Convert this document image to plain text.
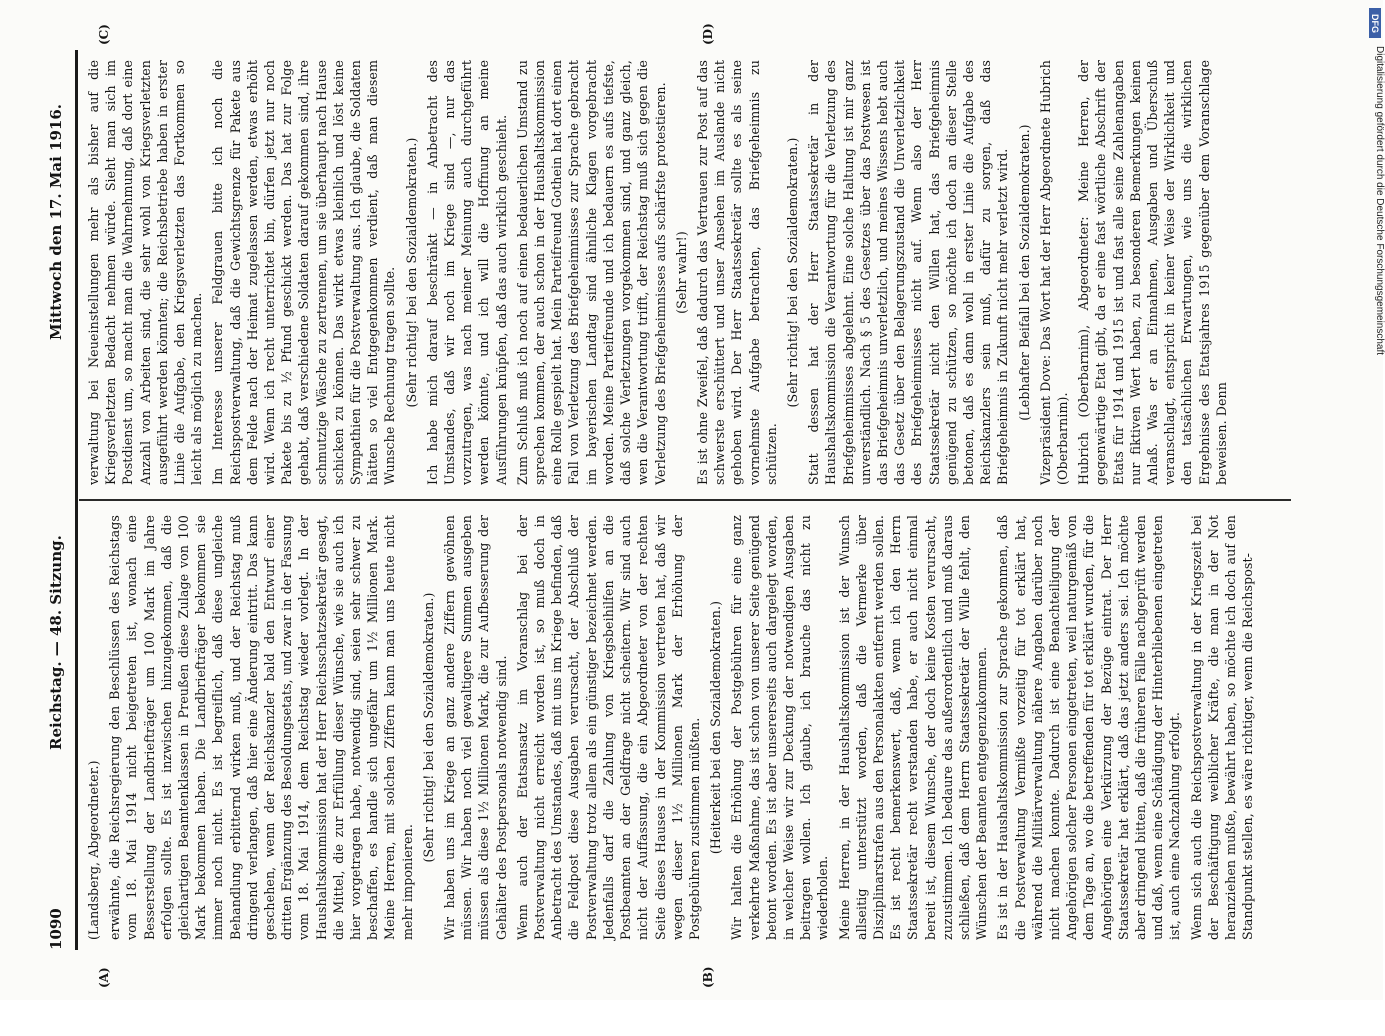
1090
Reichstag. — 48. Sitzung.
Mittwoch den 17. Mai 1916.
(A)	(B)
(C)	(D)

(Landsberg, Abgeordneter.) erwähnte, die Reichsregierung den Beschlüssen des Reichstags vom 18. Mai 1914 nicht beigetreten ist, wonach eine Besserstellung der Landbriefträger um 100 Mark im Jahre erfolgen sollte. Es ist inzwischen hinzugekommen, daß die gleichartigen Beamtenklassen in Preußen diese Zulage von 100 Mark bekommen haben. Die Landbriefträger bekommen sie immer noch nicht. Es ist begreiflich, daß diese ungleiche Behandlung erbitternd wirken muß, und der Reichstag muß dringend verlangen, daß hier eine Änderung eintritt. Das kann geschehen, wenn der Reichskanzler bald den Entwurf einer dritten Ergänzung des Besoldungsetats, und zwar in der Fassung vom 18. Mai 1914, dem Reichstag wieder vorlegt. In der Haushaltskommission hat der Herr Reichsschatzsekretär gesagt, die Mittel, die zur Erfüllung dieser Wünsche, wie sie auch ich hier vorgetragen habe, notwendig sind, seien sehr schwer zu beschaffen, es handle sich ungefähr um 1½ Millionen Mark. Meine Herren, mit solchen Ziffern kann man uns heute nicht mehr imponieren.

(Sehr richtig! bei den Sozialdemokraten.) Wir haben uns im Kriege an ganz andere Ziffern gewöhnen müssen. Wir haben noch viel gewaltigere Summen ausgeben müssen als diese 1½ Millionen Mark, die zur Aufbesserung der Gehälter des Postpersonals notwendig sind. Wenn auch der Etatsansatz im Voranschlag bei der Postverwaltung nicht erreicht worden ist, so muß doch in Anbetracht des Umstandes, daß mit uns im Kriege befinden, daß die Feldpost diese Ausgaben verursacht, der Abschluß der Postverwaltung trotz allem als ein günstiger bezeichnet werden. Jedenfalls darf die Zahlung von Kriegsbeihilfen an die Postbeamten an der Geldfrage nicht scheitern. Wir sind auch nicht der Auffassung, die ein Abgeordneter von der rechten Seite dieses Hauses in der Kommission vertreten hat, daß wir wegen dieser 1½ Millionen Mark der Erhöhung der Postgebühren zustimmen müßten. (Heiterkeit bei den Sozialdemokraten.) Wir halten die Erhöhung der Postgebühren für eine ganz verkehrte Maßnahme, das ist schon von unserer Seite genügend betont worden. Es ist aber unsererseits auch dargelegt worden, in welcher Weise wir zur Deckung der notwendigen Ausgaben beitragen wollen. Ich glaube, ich brauche das nicht zu wiederholen. Meine Herren, in der Haushaltskommission ist der Wunsch allseitig unterstützt worden, daß die Vermerke über Disziplinarstrafen aus den Personalakten entfernt werden sollen. Es ist recht bemerkenswert, daß, wenn ich den Herrn Staatssekretär recht verstanden habe, er auch nicht einmal bereit ist, diesem Wunsche, der doch keine Kosten verursacht, zuzustimmen. Ich bedaure das außerordentlich und muß daraus schließen, daß dem Herrn Staatssekretär der Wille fehlt, den Wünschen der Beamten entgegenzukommen. Es ist in der Haushaltskommission zur Sprache gekommen, daß die Postverwaltung Vermißte vorzeitig für tot erklärt hat, während die Militärverwaltung nähere Angaben darüber noch nicht machen konnte. Dadurch ist eine Benachteiligung der Angehörigen solcher Personen eingetreten, weil naturgemäß von dem Tage an, wo die betreffenden für tot erklärt wurden, für die Angehörigen eine Verkürzung der Bezüge eintrat. Der Herr Staatssekretär hat erklärt, daß das jetzt anders sei. Ich möchte aber dringend bitten, daß die früheren Fälle nachgeprüft werden und daß, wenn eine Schädigung der Hinterbliebenen eingetreten ist, auch eine Nachzahlung erfolgt. Wenn sich auch die Reichspostverwaltung in der Kriegszeit bei der Beschäftigung weiblicher Kräfte, die man in der Not heranziehen mußte, bewährt haben, so möchte ich doch auf den Standpunkt stellen, es wäre richtiger, wenn die Reichspost-

verwaltung bei Neueinstellungen mehr als bisher auf die Kriegsverletzten Bedacht nehmen würde. Sieht man sich im Postdienst um, so macht man die Wahrnehmung, daß dort eine Anzahl von Arbeiten sind, die sehr wohl von Kriegsverletzten ausgeführt werden könnten; die Reichsbetriebe haben in erster Linie die Aufgabe, den Kriegsverletzten das Fortkommen so leicht als möglich zu machen. Im Interesse unserer Feldgrauen bitte ich noch die Reichspostverwaltung, daß die Gewichtsgrenze für Pakete aus dem Felde nach der Heimat zugelassen werden, etwas erhöht wird. Wenn ich recht unterrichtet bin, dürfen jetzt nur noch Pakete bis zu ½ Pfund geschickt werden. Das hat zur Folge gehabt, daß verschiedene Soldaten darauf gekommen sind, ihre schmutzige Wäsche zu zertrennen, um sie überhaupt nach Hause schicken zu können. Das wirkt etwas kleinlich und löst keine Sympathien für die Postverwaltung aus. Ich glaube, die Soldaten hätten so viel Entgegenkommen verdient, daß man diesem Wunsche Rechnung tragen sollte. (Sehr richtig! bei den Sozialdemokraten.) Ich habe mich darauf beschränkt — in Anbetracht des Umstandes, daß wir noch im Kriege sind —, nur das vorzutragen, was nach meiner Meinung auch durchgeführt werden könnte, und ich will die Hoffnung an meine Ausführungen knüpfen, daß das auch wirklich geschieht. Zum Schluß muß ich noch auf einen bedauerlichen Umstand zu sprechen kommen, der auch schon in der Haushaltskommission eine Rolle gespielt hat. Mein Parteifreund Gothein hat dort einen Fall von Verletzung des Briefgeheimnisses zur Sprache gebracht im bayerischen Landtag sind ähnliche Klagen vorgebracht worden. Meine Parteifreunde und ich bedauern es aufs tiefste, daß solche Verletzungen vorgekommen sind, und ganz gleich, wen die Verantwortung trifft, der Reichstag muß sich gegen die Verletzung des Briefgeheimnisses aufs schärfste protestieren. (Sehr wahr!) Es ist ohne Zweifel, daß dadurch das Vertrauen zur Post auf das schwerste erschüttert und unser Ansehen im Auslande nicht gehoben wird. Der Herr Staatssekretär sollte es als seine vornehmste Aufgabe betrachten, das Briefgeheimnis zu schützen.

(Sehr richtig! bei den Sozialdemokraten.) Statt dessen hat der Herr Staatssekretär in der Haushaltskommission die Verantwortung für die Verletzung des Briefgeheimnisses abgelehnt. Eine solche Haltung ist mir ganz unverständlich. Nach § 5 des Gesetzes über das Postwesen ist das Briefgeheimnis unverletzlich, und meines Wissens hebt auch das Gesetz über den Belagerungszustand die Unverletzlichkeit des Briefgeheimnisses nicht auf. Wenn also der Herr Staatssekretär nicht den Willen hat, das Briefgeheimnis genügend zu schützen, so möchte ich doch an dieser Stelle betonen, daß es dann wohl in erster Linie die Aufgabe des Reichskanzlers sein muß, dafür zu sorgen, daß das Briefgeheimnis in Zukunft nicht mehr verletzt wird. (Lebhafter Beifall bei den Sozialdemokraten.) Vizepräsident Dove: Das Wort hat der Herr Abgeordnete Hubrich (Oberbarnim). Hubrich (Oberbarnim), Abgeordneter: Meine Herren, der gegenwärtige Etat gibt, da er eine fast wörtliche Abschrift der Etats für 1914 und 1915 ist und fast alle seine Zahlenangaben nur fiktiven Wert haben, zu besonderen Bemerkungen keinen Anlaß. Was er an Einnahmen, Ausgaben und Überschuß veranschlagt, entspricht in keiner Weise der Wirklichkeit und den tatsächlichen Erwartungen, wie uns die wirklichen Ergebnisse des Etatsjahres 1915 gegenüber dem Voranschlage beweisen. Denn

DFG
Digitalisierung gefördert durch die Deutsche Forschungsgemeinschaft
